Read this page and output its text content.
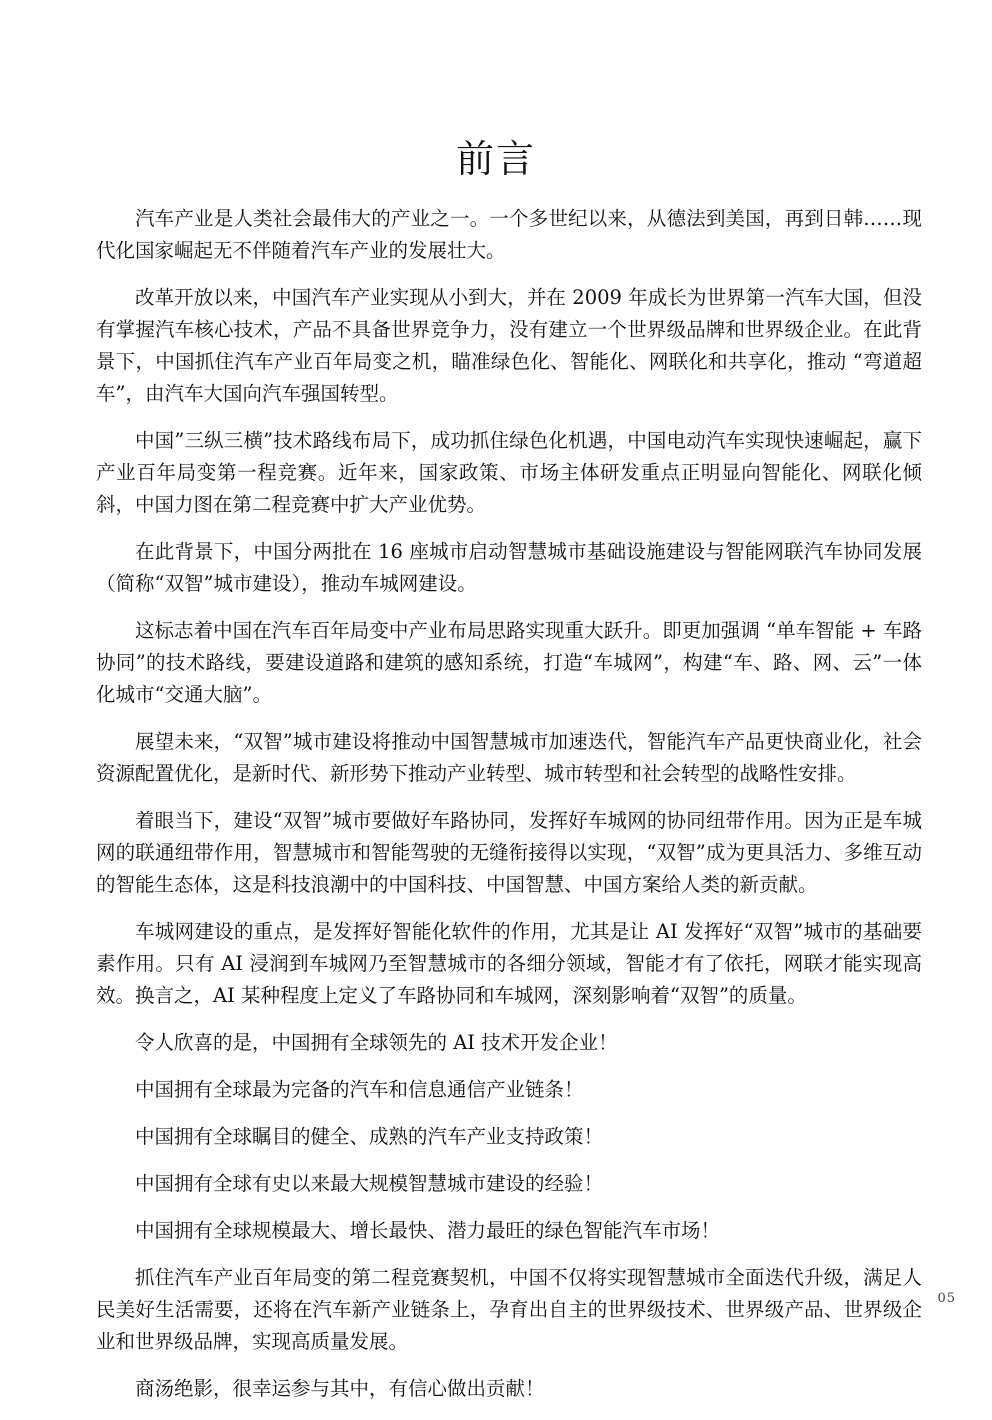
前言

汽车产业是人类社会最伟大的产业之一。一个多世纪以来，从德法到美国，再到日韩……现代化国家崛起无不伴随着汽车产业的发展壮大。

改革开放以来，中国汽车产业实现从小到大，并在 2009 年成长为世界第一汽车大国，但没有掌握汽车核心技术，产品不具备世界竞争力，没有建立一个世界级品牌和世界级企业。在此背景下，中国抓住汽车产业百年局变之机，瞄准绿色化、智能化、网联化和共享化，推动 “弯道超车”，由汽车大国向汽车强国转型。

中国”三纵三横”技术路线布局下，成功抓住绿色化机遇，中国电动汽车实现快速崛起，赢下产业百年局变第一程竞赛。近年来，国家政策、市场主体研发重点正明显向智能化、网联化倾斜，中国力图在第二程竞赛中扩大产业优势。

在此背景下，中国分两批在 16 座城市启动智慧城市基础设施建设与智能网联汽车协同发展（简称“双智”城市建设），推动车城网建设。

这标志着中国在汽车百年局变中产业布局思路实现重大跃升。即更加强调 “单车智能 + 车路协同”的技术路线，要建设道路和建筑的感知系统，打造“车城网”，构建“车、路、网、云”一体化城市“交通大脑”。

展望未来，“双智”城市建设将推动中国智慧城市加速迭代，智能汽车产品更快商业化，社会资源配置优化，是新时代、新形势下推动产业转型、城市转型和社会转型的战略性安排。

着眼当下，建设“双智”城市要做好车路协同，发挥好车城网的协同纽带作用。因为正是车城网的联通纽带作用，智慧城市和智能驾驶的无缝衔接得以实现，“双智”成为更具活力、多维互动的智能生态体，这是科技浪潮中的中国科技、中国智慧、中国方案给人类的新贡献。

车城网建设的重点，是发挥好智能化软件的作用，尤其是让 AI 发挥好“双智”城市的基础要素作用。只有 AI 浸润到车城网乃至智慧城市的各细分领域，智能才有了依托，网联才能实现高效。换言之，AI 某种程度上定义了车路协同和车城网，深刻影响着“双智”的质量。

令人欣喜的是，中国拥有全球领先的 AI 技术开发企业！

中国拥有全球最为完备的汽车和信息通信产业链条！

中国拥有全球瞩目的健全、成熟的汽车产业支持政策！

中国拥有全球有史以来最大规模智慧城市建设的经验！

中国拥有全球规模最大、增长最快、潜力最旺的绿色智能汽车市场！

抓住汽车产业百年局变的第二程竞赛契机，中国不仅将实现智慧城市全面迭代升级，满足人民美好生活需要，还将在汽车新产业链条上，孕育出自主的世界级技术、世界级产品、世界级企业和世界级品牌，实现高质量发展。

商汤绝影，很幸运参与其中，有信心做出贡献！

05
